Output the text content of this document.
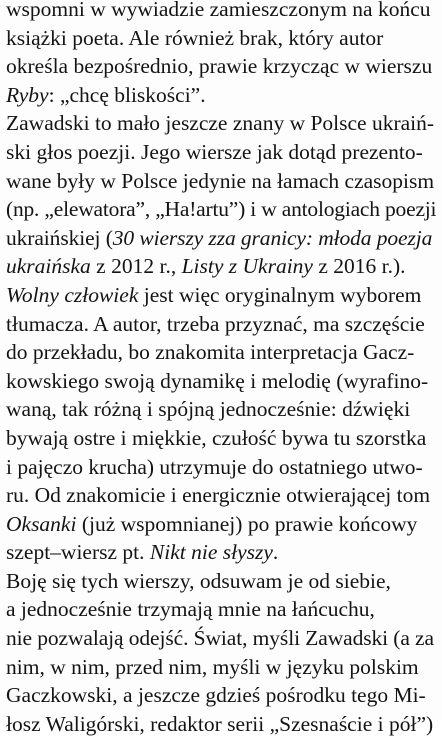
wspomni w wywiadzie zamieszczonym na końcu
książki poeta. Ale również brak, który autor
określa bezpośrednio, prawie krzycząc w wierszu
Ryby: „chcę bliskości”.
Zawadski to mało jeszcze znany w Polsce ukraiń-
ski głos poezji. Jego wiersze jak dotąd prezento-
wane były w Polsce jedynie na łamach czasopism
(np. „elewatora”, „Ha!artu”) i w antologiach poezji
ukraińskiej (30 wierszy zza granicy: młoda poezja
ukraińska z 2012 r., Listy z Ukrainy z 2016 r.).
Wolny człowiek jest więc oryginalnym wyborem
tłumacza. A autor, trzeba przyznać, ma szczęście
do przekładu, bo znakomita interpretacja Gacz-
kowskiego swoją dynamikę i melodię (wyrafino-
waną, tak różną i spójną jednocześnie: dźwięki
bywają ostre i miękkie, czułość bywa tu szorstka
i pajęczo krucha) utrzymuje do ostatniego utwo-
ru. Od znakomicie i energicznie otwierającej tom
Oksanki (już wspomnianej) po prawie końcowy
szept–wiersz pt. Nikt nie słyszy.
Boję się tych wierszy, odsuwam je od siebie,
a jednocześnie trzymają mnie na łańcuchu,
nie pozwalają odejść. Świat, myśli Zawadski (a za
nim, w nim, przed nim, myśli w języku polskim
Gaczkowski, a jeszcze gdzieś pośrodku tego Mi-
łosz Waligórski, redaktor serii „Szesnaście i pół”)
